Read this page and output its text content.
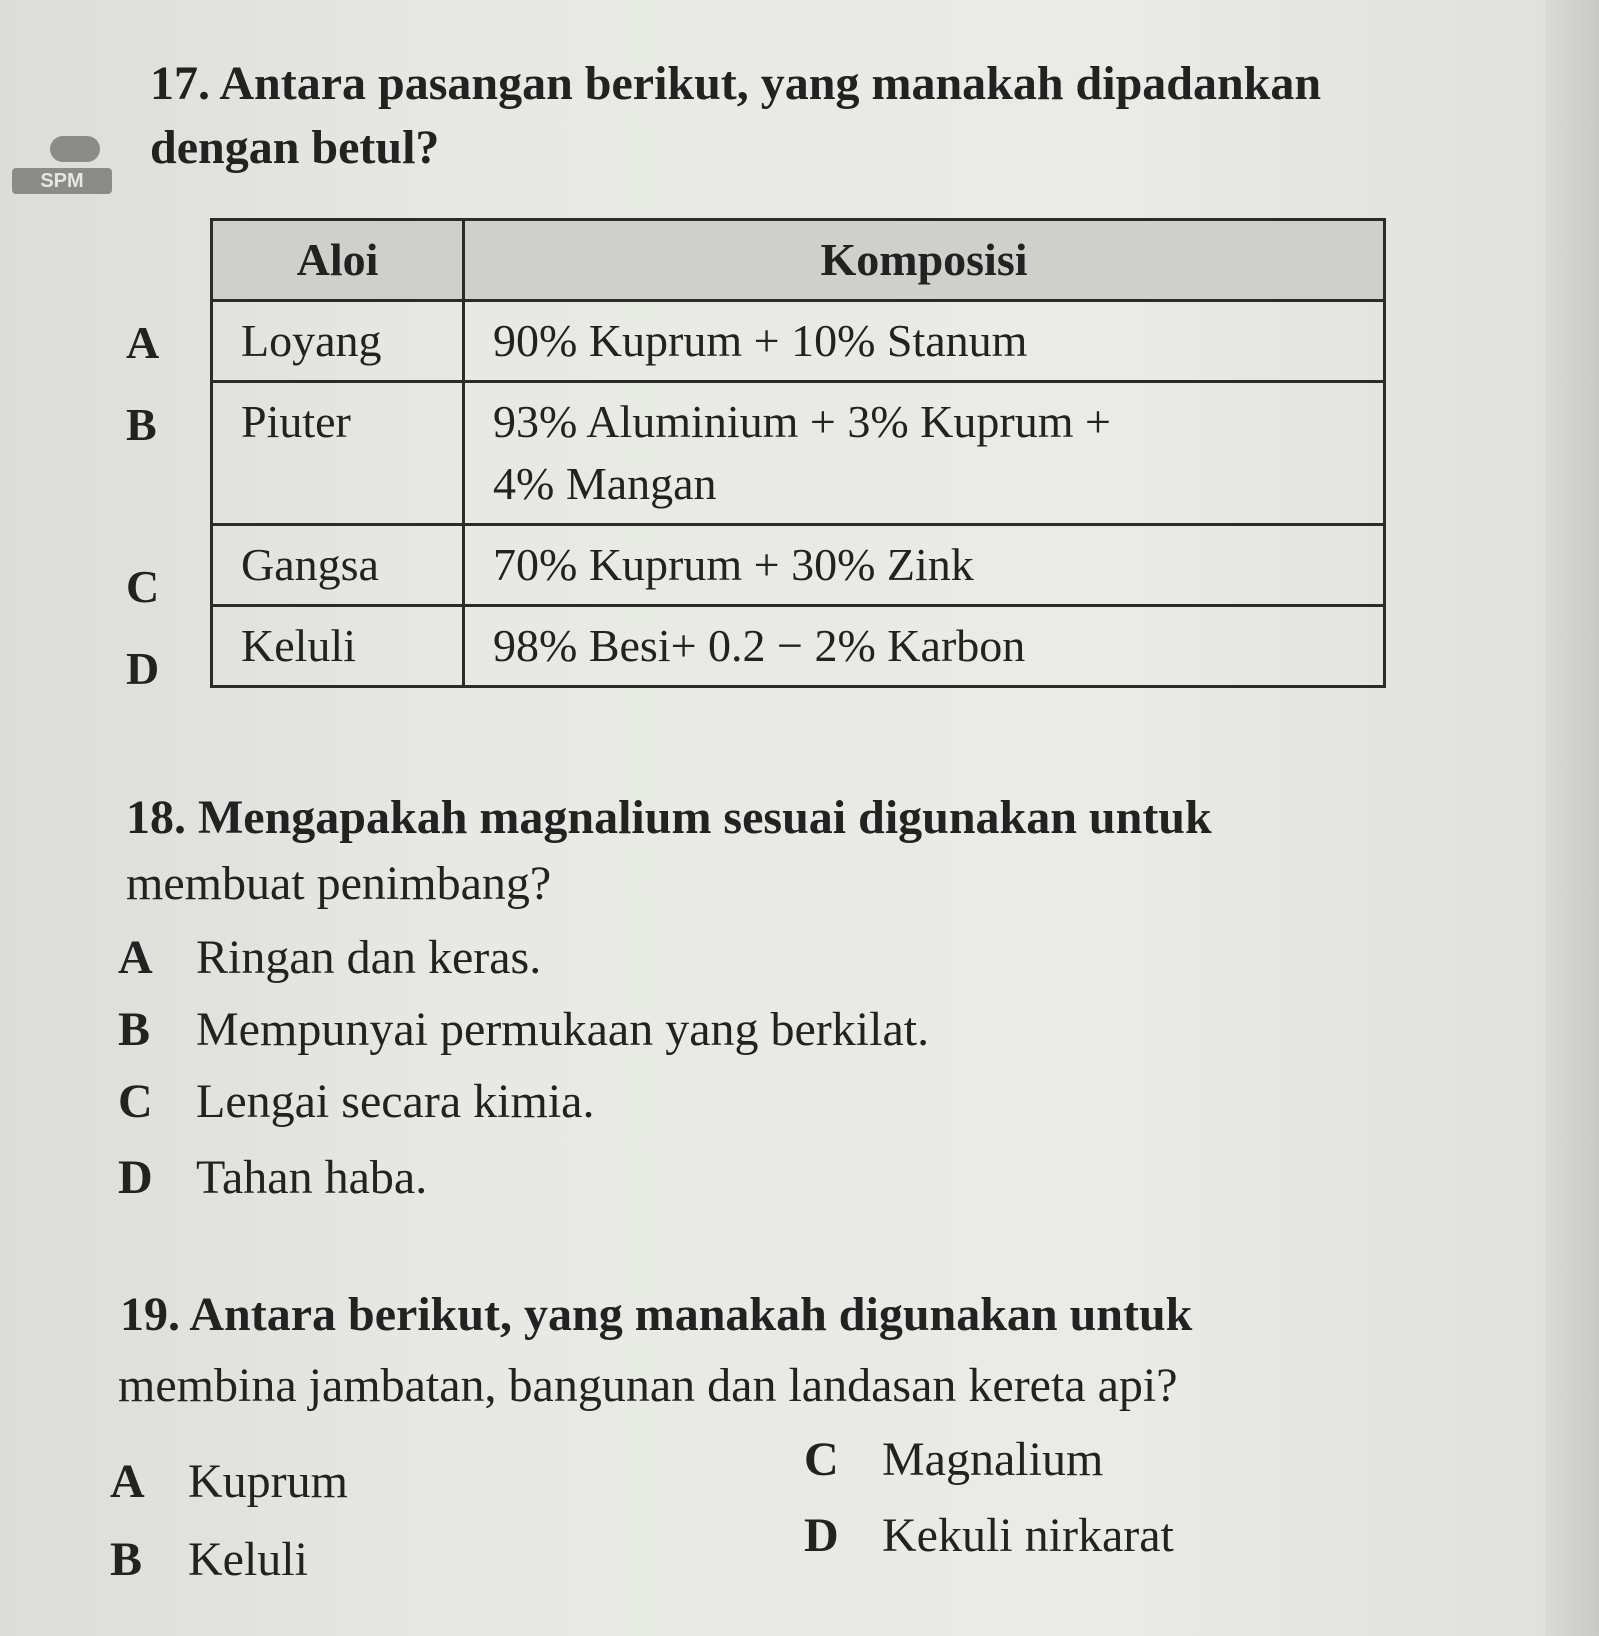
17. Antara pasangan berikut, yang manakah dipadankan
dengan betul?
SPM
A
B
C
D
Aloi	Komposisi
Loyang	90% Kuprum + 10% Stanum
Piuter	93% Aluminium + 3% Kuprum +
4% Mangan
Gangsa	70% Kuprum + 30% Zink
Keluli	98% Besi+ 0.2 − 2% Karbon
18. Mengapakah magnalium sesuai digunakan untuk
membuat penimbang?
A Ringan dan keras.
B Mempunyai permukaan yang berkilat.
C Lengai secara kimia.
D Tahan haba.
19. Antara berikut, yang manakah digunakan untuk
membina jambatan, bangunan dan landasan kereta api?
A Kuprum	C Magnalium
B Keluli	D Kekuli nirkarat
